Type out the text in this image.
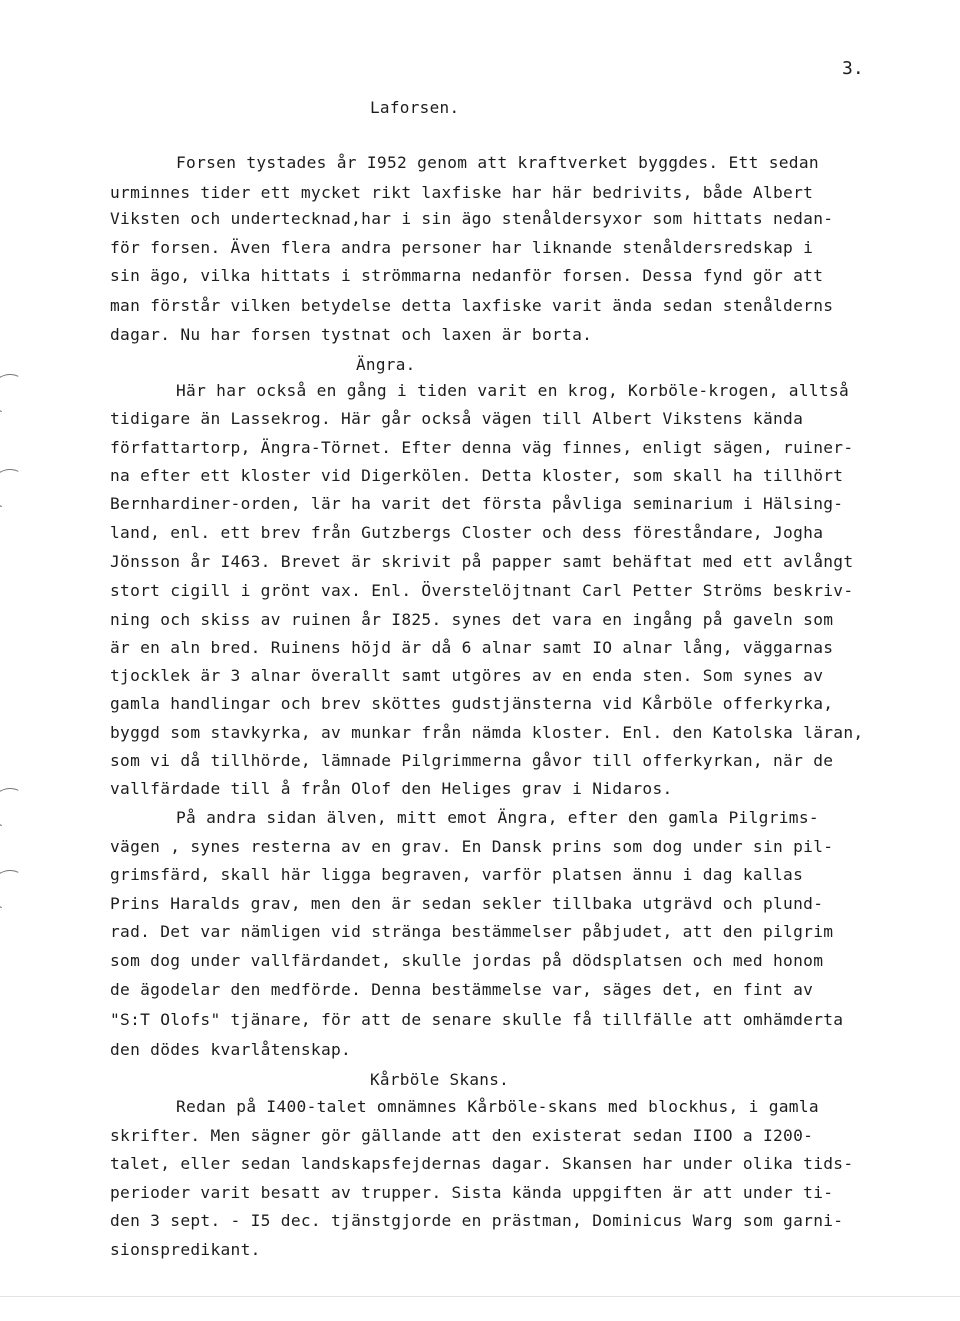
3.
Laforsen.
Forsen tystades år I952 genom att kraftverket byggdes. Ett sedan
urminnes tider ett mycket rikt laxfiske har här bedrivits, både Albert
Viksten och undertecknad,har i sin ägo stenåldersyxor som hittats nedan-
för forsen. Även flera andra personer har liknande stenåldersredskap i
sin ägo, vilka hittats i strömmarna nedanför forsen. Dessa fynd gör att
man förstår vilken betydelse detta laxfiske varit ända sedan stenålderns
dagar. Nu har forsen tystnat och laxen är borta.
Ängra.
Här har också en gång i tiden varit en krog, Korböle-krogen, alltså
tidigare än Lassekrog. Här går också vägen till Albert Vikstens kända
författartorp, Ängra-Törnet. Efter denna väg finnes, enligt sägen, ruiner-
na efter ett kloster vid Digerkölen. Detta kloster, som skall ha tillhört
Bernhardiner-orden, lär ha varit det första påvliga seminarium i Hälsing-
land, enl. ett brev från Gutzbergs Closter och dess föreståndare, Jogha
Jönsson år I463. Brevet är skrivit på papper samt behäftat med ett avlångt
stort cigill i grönt vax. Enl. Överstelöjtnant Carl Petter Ströms beskriv-
ning och skiss av ruinen år I825. synes det vara en ingång på gaveln som
är en aln bred. Ruinens höjd är då 6 alnar samt IO alnar lång, väggarnas
tjocklek är 3 alnar överallt samt utgöres av en enda sten. Som synes av
gamla handlingar och brev sköttes gudstjänsterna vid Kårböle offerkyrka,
byggd som stavkyrka, av munkar från nämda kloster. Enl. den Katolska läran,
som vi då tillhörde, lämnade Pilgrimmerna gåvor till offerkyrkan, när de
vallfärdade till å från Olof den Heliges grav i Nidaros.
På andra sidan älven, mitt emot Ängra, efter den gamla Pilgrims-
vägen , synes resterna av en grav. En Dansk prins som dog under sin pil-
grimsfärd, skall här ligga begraven, varför platsen ännu i dag kallas
Prins Haralds grav, men den är sedan sekler tillbaka utgrävd och plund-
rad. Det var nämligen vid stränga bestämmelser påbjudet, att den pilgrim
som dog under vallfärdandet, skulle jordas på dödsplatsen och med honom
de ägodelar den medförde. Denna bestämmelse var, säges det, en fint av
"S:T Olofs" tjänare, för att de senare skulle få tillfälle att omhämderta
den dödes kvarlåtenskap.
Kårböle Skans.
Redan på I400-talet omnämnes Kårböle-skans med blockhus, i gamla
skrifter. Men sägner gör gällande att den existerat sedan IIOO a I200-
talet, eller sedan landskapsfejdernas dagar. Skansen har under olika tids-
perioder varit besatt av trupper. Sista kända uppgiften är att under ti-
den 3 sept. - I5 dec. tjänstgjorde en prästman, Dominicus Warg som garni-
sionspredikant.
